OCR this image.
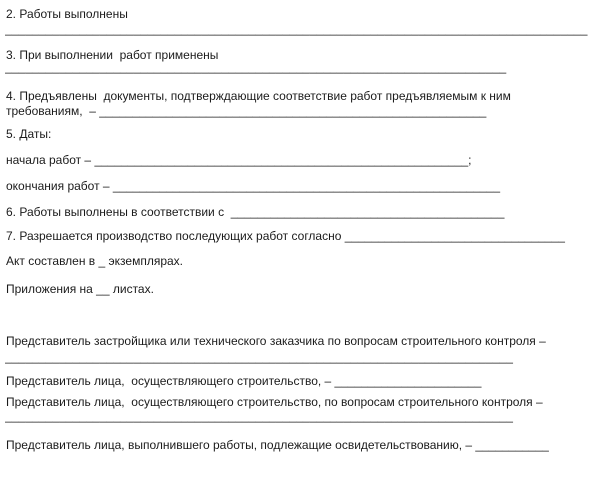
2. Работы выполнены
______________________________________________________________________________________
3. При выполнении  работ применены
__________________________________________________________________________
4. Предъявлены  документы, подтверждающие соответствие работ предъявляемым к ним
требованиям,  – __________________________________________________________
5. Даты:
начала работ – ________________________________________________________;
окончания работ – __________________________________________________________
6. Работы выполнены в соответствии с  _________________________________________
7. Разрешается производство последующих работ согласно _________________________________
Акт составлен в _ экземплярах.
Приложения на __ листах.
Представитель застройщика или технического заказчика по вопросам строительного контроля –
___________________________________________________________________________
Представитель лица,  осуществляющего строительство, – ______________________
Представитель лица,  осуществляющего строительство, по вопросам строительного контроля –
___________________________________________________________________________
Представитель лица, выполнившего работы, подлежащие освидетельствованию, – ___________
